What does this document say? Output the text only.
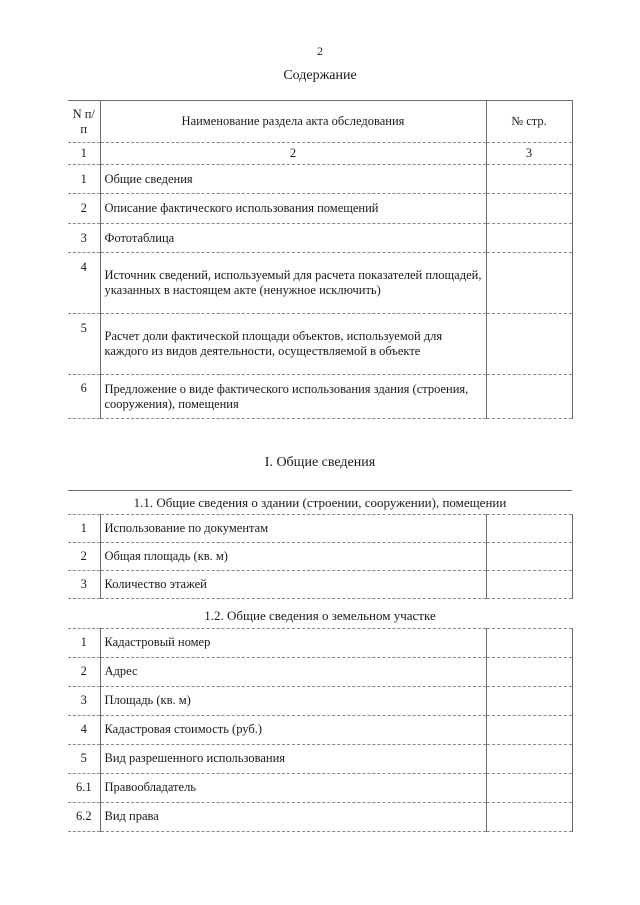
2
Содержание
N п/п	Наименование раздела акта обследования	№ стр.
1	2	3
1	Общие сведения	
2	Описание фактического использования помещений	
3	Фототаблица	
4	Источник сведений, используемый для расчета показателей площадей, указанных в настоящем акте (ненужное исключить)	
5	Расчет доли фактической площади объектов, используемой для каждого из видов деятельности, осуществляемой в объекте	
6	Предложение о виде фактического использования здания (строения, сооружения), помещения	
I. Общие сведения
1.1. Общие сведения о здании (строении, сооружении), помещении		
1	Использование по документам	
2	Общая площадь (кв. м)	
3	Количество этажей	
1.2. Общие сведения о земельном участке		
1	Кадастровый номер	
2	Адрес	
3	Площадь (кв. м)	
4	Кадастровая стоимость (руб.)	
5	Вид разрешенного использования	
6.1	Правообладатель	
6.2	Вид права	
